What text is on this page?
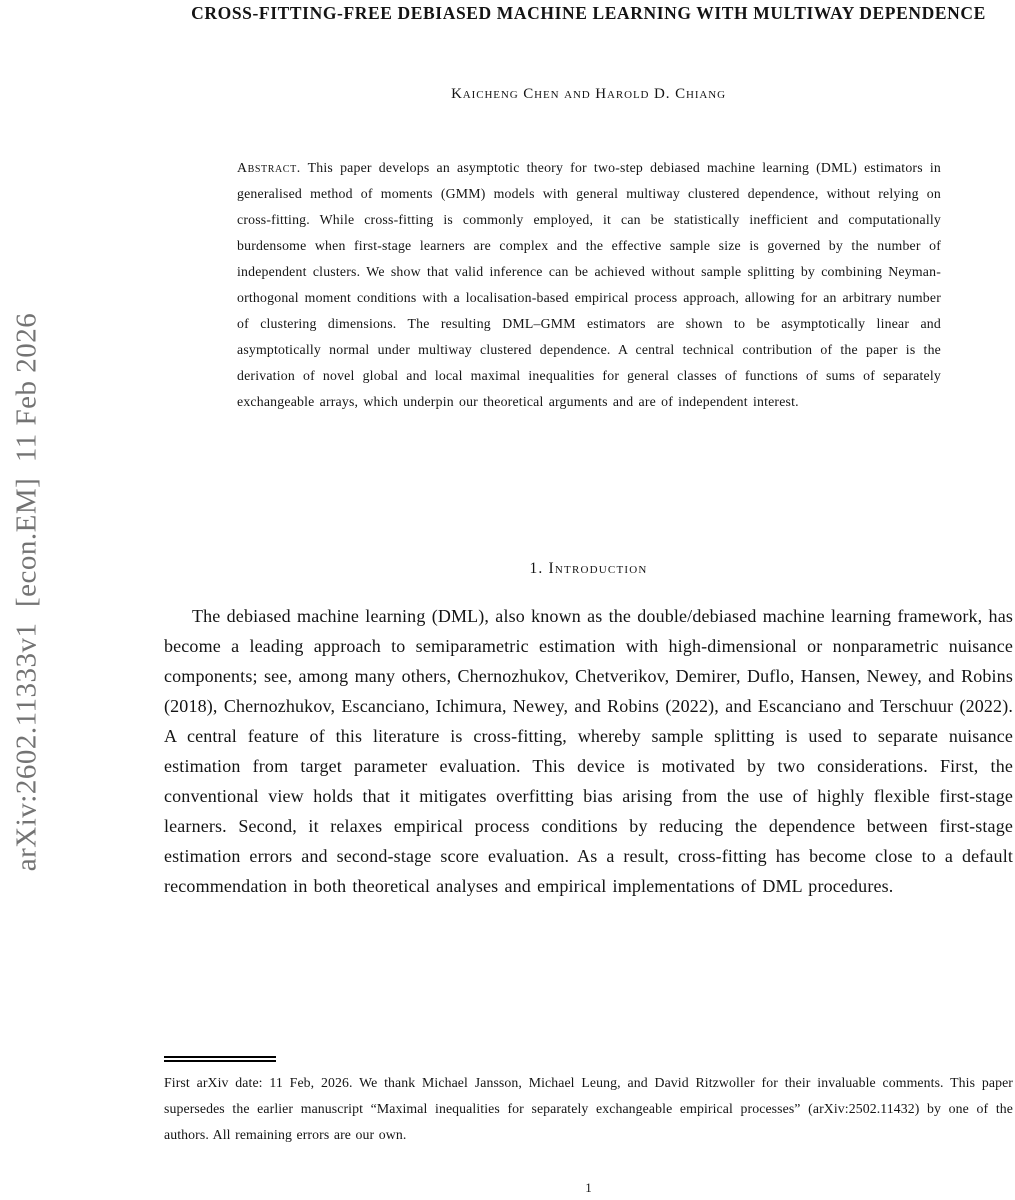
arXiv:2602.11333v1  [econ.EM]  11 Feb 2026
CROSS-FITTING-FREE DEBIASED MACHINE LEARNING WITH MULTIWAY DEPENDENCE
Kaicheng Chen and Harold D. Chiang
Abstract. This paper develops an asymptotic theory for two-step debiased machine learning (DML) estimators in generalised method of moments (GMM) models with general multiway clustered dependence, without relying on cross-fitting. While cross-fitting is commonly employed, it can be statistically inefficient and computationally burdensome when first-stage learners are complex and the effective sample size is governed by the number of independent clusters. We show that valid inference can be achieved without sample splitting by combining Neyman-orthogonal moment conditions with a localisation-based empirical process approach, allowing for an arbitrary number of clustering dimensions. The resulting DML–GMM estimators are shown to be asymptotically linear and asymptotically normal under multiway clustered dependence. A central technical contribution of the paper is the derivation of novel global and local maximal inequalities for general classes of functions of sums of separately exchangeable arrays, which underpin our theoretical arguments and are of independent interest.
1. Introduction

The debiased machine learning (DML), also known as the double/debiased machine learning framework, has become a leading approach to semiparametric estimation with high-dimensional or nonparametric nuisance components; see, among many others, Chernozhukov, Chetverikov, Demirer, Duflo, Hansen, Newey, and Robins (2018), Chernozhukov, Escanciano, Ichimura, Newey, and Robins (2022), and Escanciano and Terschuur (2022). A central feature of this literature is cross-fitting, whereby sample splitting is used to separate nuisance estimation from target parameter evaluation. This device is motivated by two considerations. First, the conventional view holds that it mitigates overfitting bias arising from the use of highly flexible first-stage learners. Second, it relaxes empirical process conditions by reducing the dependence between first-stage estimation errors and second-stage score evaluation. As a result, cross-fitting has become close to a default recommendation in both theoretical analyses and empirical implementations of DML procedures.

First arXiv date: 11 Feb, 2026. We thank Michael Jansson, Michael Leung, and David Ritzwoller for their invaluable comments. This paper supersedes the earlier manuscript “Maximal inequalities for separately exchangeable empirical processes” (arXiv:2502.11432) by one of the authors. All remaining errors are our own.
1
